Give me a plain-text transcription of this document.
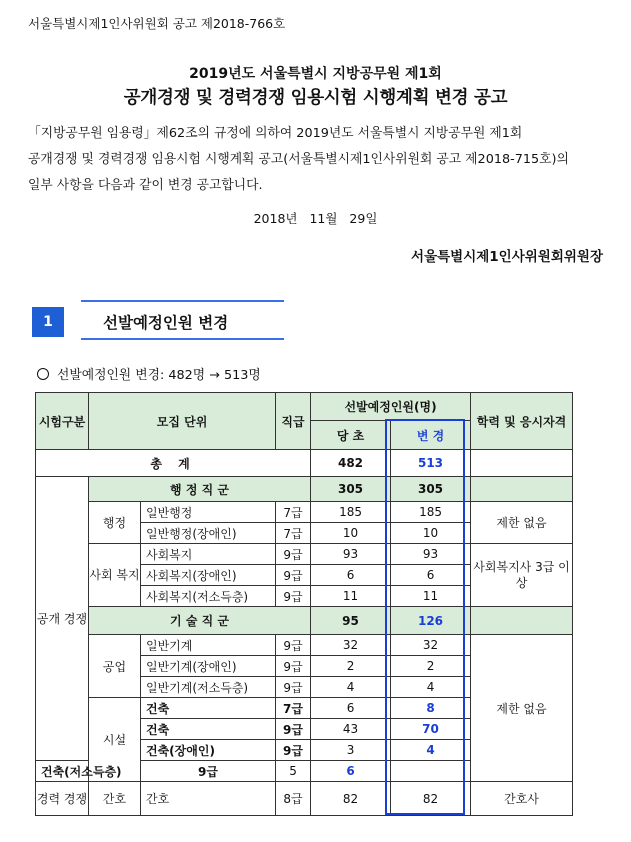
서울특별시제1인사위원회 공고 제2018-766호
2019년도 서울특별시 지방공무원 제1회
공개경쟁 및 경력경쟁 임용시험 시행계획 변경 공고
「지방공무원 임용령」제62조의 규정에 의하여 2019년도 서울특별시 지방공무원 제1회
공개경쟁 및 경력경쟁 임용시험 시행계획 공고(서울특별시제1인사위원회 공고 제2018-715호)의
일부 사항을 다음과 같이 변경 공고합니다.
2018년 11월 29일
서울특별시제1인사위원회위원장
1	선발예정인원 변경
선발예정인원 변경: 482명 → 513명
시험구분	모집 단위		직급	선발예정인원(명)		학력 및 응시자격
				당 초	변 경	
총 계				482	513	
공개 경쟁	행 정 직 군			305	305	
	행정	일반행정	7급	185	185	제한 없음
		일반행정(장애인)	7급	10	10	
	사회 복지	사회복지	9급	93	93	사회복지사 3급 이상
		사회복지(장애인)	9급	6	6	
		사회복지(저소득층)	9급	11	11	
	기 술 직 군			95	126	
	공업	일반기계	9급	32	32	제한 없음
		일반기계(장애인)	9급	2	2	
		일반기계(저소득층)	9급	4	4	
	시설	건축	7급	6	8	
		건축	9급	43	70	
		건축(장애인)	9급	3	4	
건축(저소득층)		9급	5	6		
경력 경쟁	간호	간호	8급	82	82	간호사
